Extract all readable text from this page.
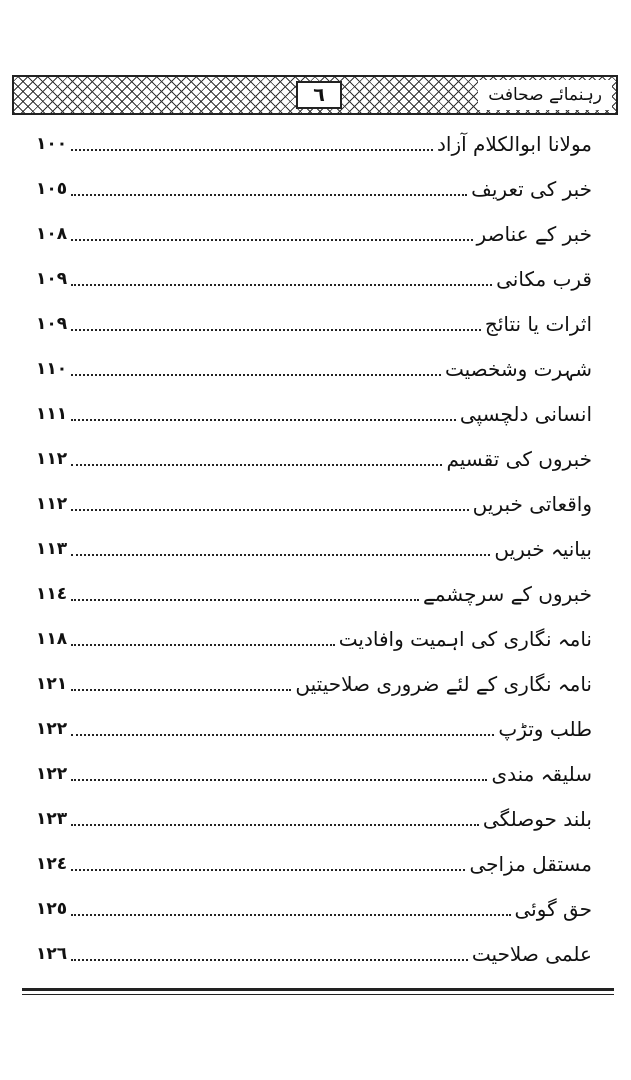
٦	رہنمائے صحافت
مولانا ابوالکلام آزاد
١٠٠
خبر کی تعریف
١٠٥
خبر کے عناصر
١٠٨
قرب مکانی
١٠٩
اثرات یا نتائج
١٠٩
شہرت وشخصیت
١١٠
انسانی دلچسپی
١١١
خبروں کی تقسیم
١١٢
واقعاتی خبریں
١١٢
بیانیہ خبریں
١١٣
خبروں کے سرچشمے
١١٤
نامہ نگاری کی اہمیت وافادیت
١١٨
نامہ نگاری کے لئے ضروری صلاحیتیں
١٢١
طلب وتڑپ
١٢٢
سلیقہ مندی
١٢٢
بلند حوصلگی
١٢٣
مستقل مزاجی
١٢٤
حق گوئی
١٢٥
علمی صلاحیت
١٢٦
